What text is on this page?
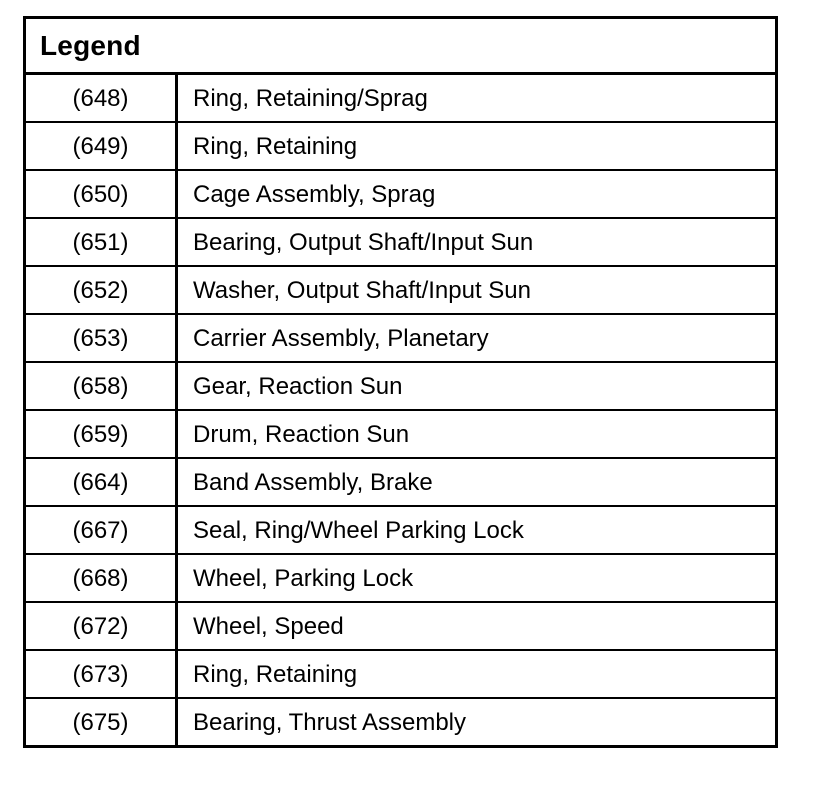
Legend
(648)	Ring, Retaining/Sprag
(649)	Ring, Retaining
(650)	Cage Assembly, Sprag
(651)	Bearing, Output Shaft/Input Sun
(652)	Washer, Output Shaft/Input Sun
(653)	Carrier Assembly, Planetary
(658)	Gear, Reaction Sun
(659)	Drum, Reaction Sun
(664)	Band Assembly, Brake
(667)	Seal, Ring/Wheel Parking Lock
(668)	Wheel, Parking Lock
(672)	Wheel, Speed
(673)	Ring, Retaining
(675)	Bearing, Thrust Assembly
